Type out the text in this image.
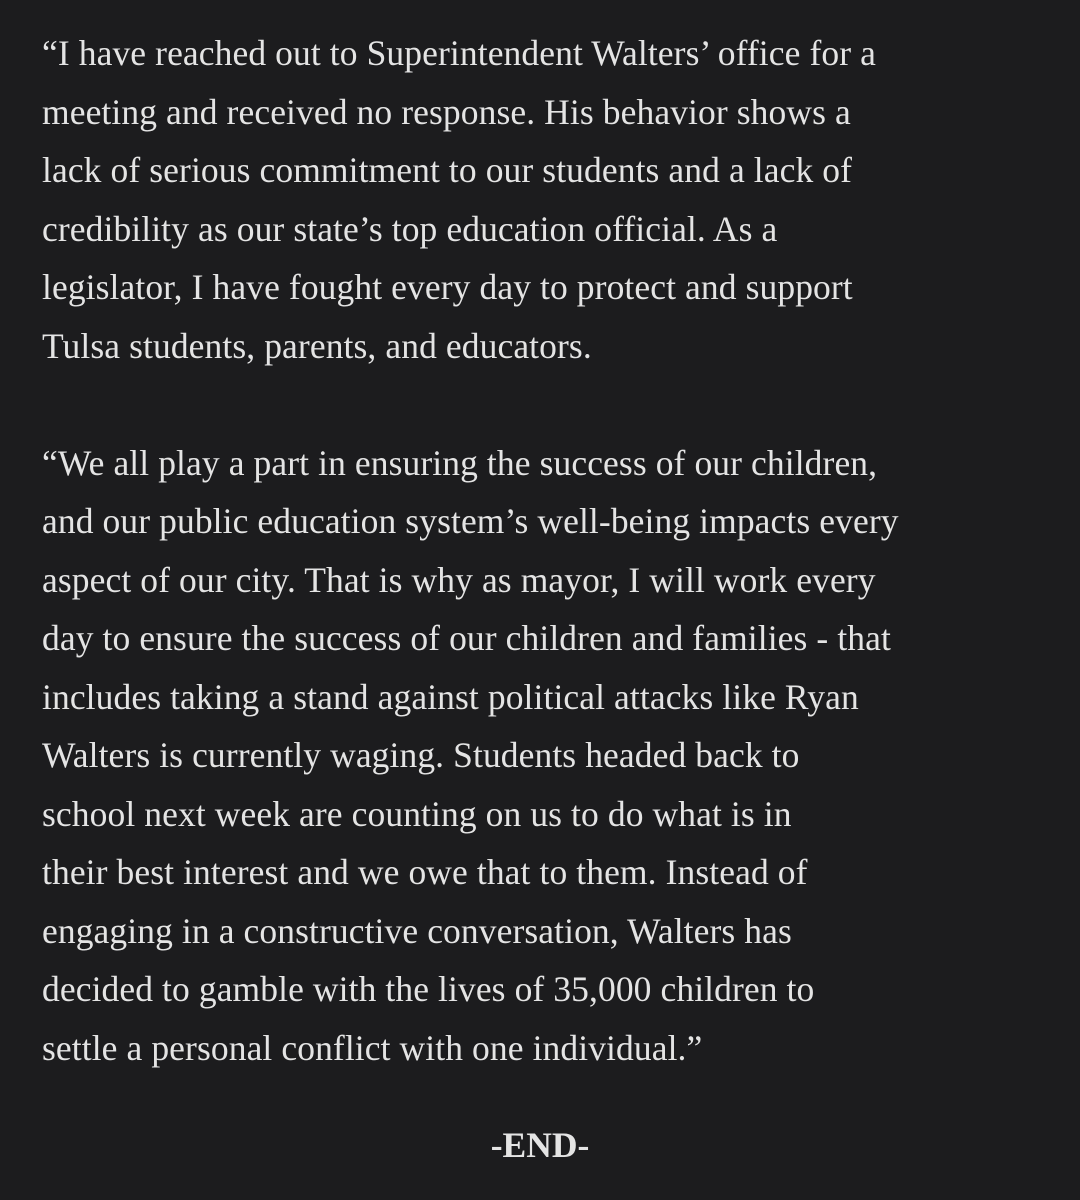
“I have reached out to Superintendent Walters’ office for a
meeting and received no response. His behavior shows a
lack of serious commitment to our students and a lack of
credibility as our state’s top education official. As a
legislator, I have fought every day to protect and support
Tulsa students, parents, and educators.

“We all play a part in ensuring the success of our children,
and our public education system’s well-being impacts every
aspect of our city. That is why as mayor, I will work every
day to ensure the success of our children and families - that
includes taking a stand against political attacks like Ryan
Walters is currently waging. Students headed back to
school next week are counting on us to do what is in
their best interest and we owe that to them. Instead of
engaging in a constructive conversation, Walters has
decided to gamble with the lives of 35,000 children to
settle a personal conflict with one individual.”

-END-
